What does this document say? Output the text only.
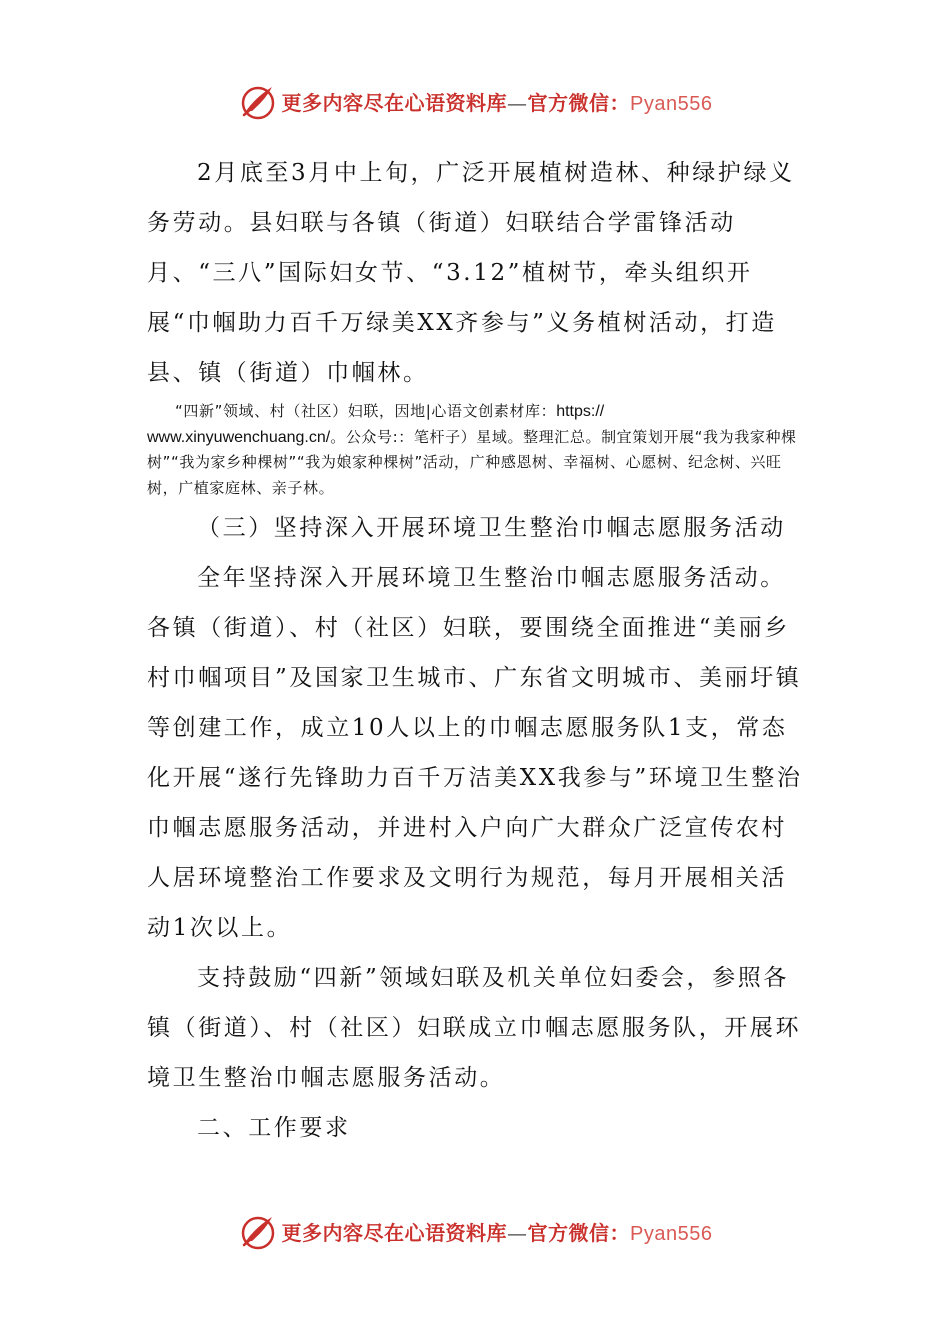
更多内容尽在心语资料库—官方微信：Pyan556

2月底至3月中上旬，广泛开展植树造林、种绿护绿义务劳动。县妇联与各镇（街道）妇联结合学雷锋活动月、“三八”国际妇女节、“3.12”植树节，牵头组织开展“巾帼助力百千万绿美XX齐参与”义务植树活动，打造县、镇（街道）巾帼林。

“四新”领域、村（社区）妇联，因地|心语文创素材库：https://
www.xinyuwenchuang.cn/。公众号:：笔杆子）星域。整理汇总。制宜策划开展“我为我家种棵树”“我为家乡种棵树”“我为娘家种棵树”活动，广种感恩树、幸福树、心愿树、纪念树、兴旺树，广植家庭林、亲子林。

（三）坚持深入开展环境卫生整治巾帼志愿服务活动

全年坚持深入开展环境卫生整治巾帼志愿服务活动。各镇（街道）、村（社区）妇联，要围绕全面推进“美丽乡村巾帼项目”及国家卫生城市、广东省文明城市、美丽圩镇等创建工作，成立10人以上的巾帼志愿服务队1支，常态化开展“遂行先锋助力百千万洁美XX我参与”环境卫生整治巾帼志愿服务活动，并进村入户向广大群众广泛宣传农村人居环境整治工作要求及文明行为规范，每月开展相关活动1次以上。

支持鼓励“四新”领域妇联及机关单位妇委会，参照各镇（街道）、村（社区）妇联成立巾帼志愿服务队，开展环境卫生整治巾帼志愿服务活动。

二、工作要求

更多内容尽在心语资料库—官方微信：Pyan556
